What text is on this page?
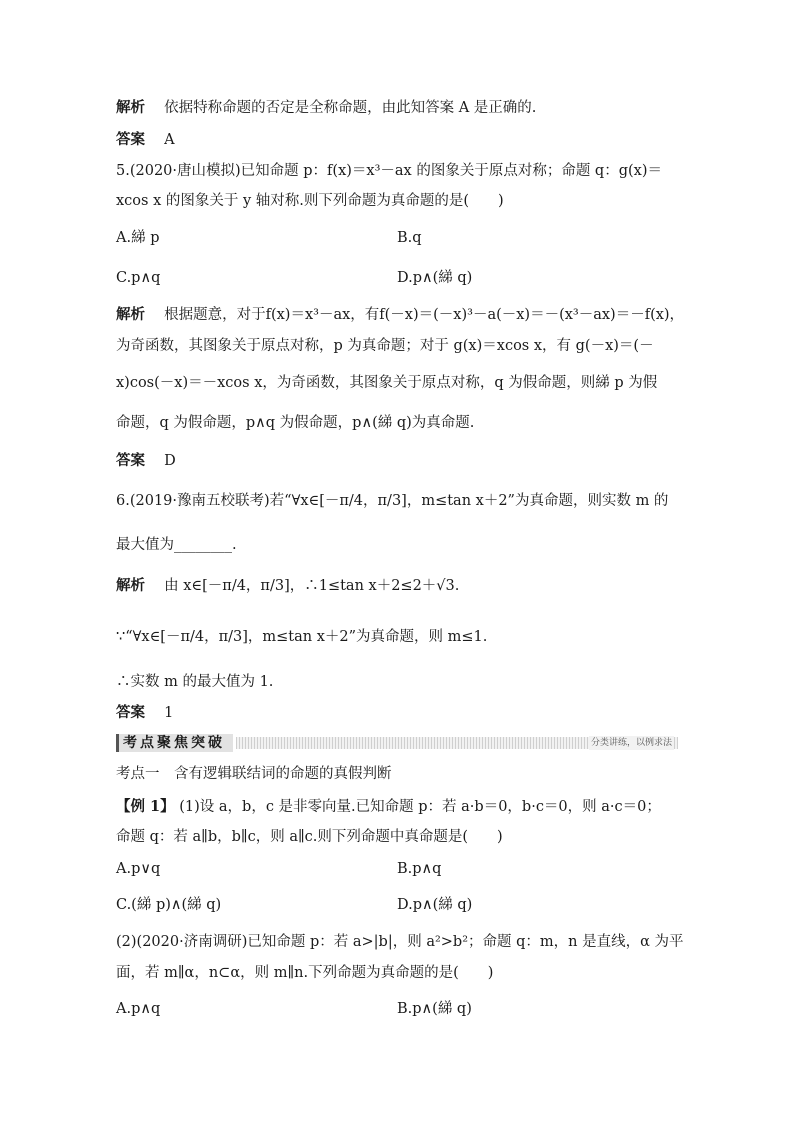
解析　 依据特称命题的否定是全称命题，由此知答案 A 是正确的.
答案　 A
5.(2020·唐山模拟)已知命题 p：f(x)＝x³－ax 的图象关于原点对称；命题 q：g(x)＝
xcos x 的图象关于 y 轴对称.则下列命题为真命题的是(　　)
A.綈 p	B.q
C.p∧q	D.p∧(綈 q)
解析　 根据题意，对于f(x)＝x³－ax，有f(－x)＝(－x)³－a(－x)＝－(x³－ax)＝－f(x)，
为奇函数，其图象关于原点对称，p 为真命题；对于 g(x)＝xcos x，有 g(－x)＝(－
x)cos(－x)＝－xcos x，为奇函数，其图象关于原点对称，q 为假命题，则綈 p 为假
命题，q 为假命题，p∧q 为假命题，p∧(綈 q)为真命题.
答案　 D
6.(2019·豫南五校联考)若“∀x∈[－π/4，π/3]，m≤tan x＋2”为真命题，则实数 m 的
最大值为________.
解析　 由 x∈[－π/4，π/3]，∴1≤tan x＋2≤2＋√3.
∵“∀x∈[－π/4，π/3]，m≤tan x＋2”为真命题，则 m≤1.
∴实数 m 的最大值为 1.
答案　 1
考点聚焦突破	分类讲练，以例求法
考点一　含有逻辑联结词的命题的真假判断
【例 1】 (1)设 a，b，c 是非零向量.已知命题 p：若 a·b＝0，b·c＝0，则 a·c＝0；
命题 q：若 a∥b，b∥c，则 a∥c.则下列命题中真命题是(　　)
A.p∨q	B.p∧q
C.(綈 p)∧(綈 q)	D.p∧(綈 q)
(2)(2020·济南调研)已知命题 p：若 a>|b|，则 a²>b²；命题 q：m，n 是直线，α 为平
面，若 m∥α，n⊂α，则 m∥n.下列命题为真命题的是(　　)
A.p∧q	B.p∧(綈 q)
